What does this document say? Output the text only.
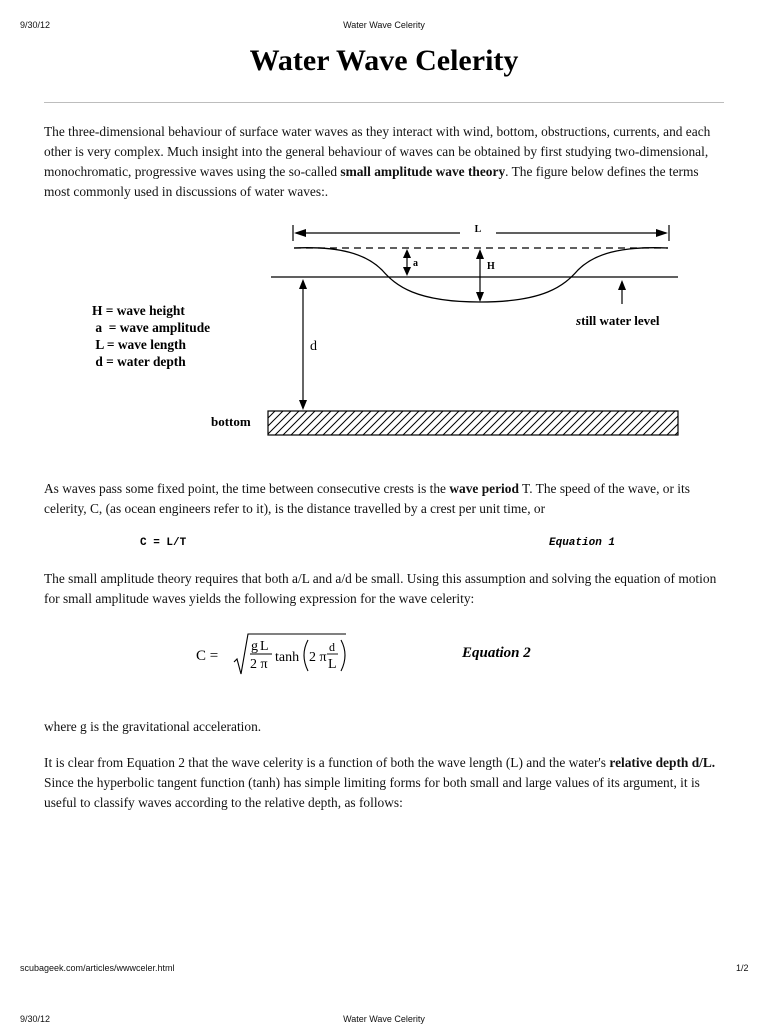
9/30/12	Water Wave Celerity
Water Wave Celerity

The three-dimensional behaviour of surface water waves as they interact with wind, bottom, obstructions, currents, and each other is very complex. Much insight into the general behaviour of waves can be obtained by first studying two-dimensional, monochromatic, progressive waves using the so-called small amplitude wave theory. The figure below defines the terms most commonly used in discussions of water waves:.

L
a	H
d
still water level
bottom
H = wave height
a  = wave amplitude
L = wave length
d = water depth

As waves pass some fixed point, the time between consecutive crests is the wave period T. The speed of the wave, or its celerity, C, (as ocean engineers refer to it), is the distance travelled by a crest per unit time, or

C = L/T	Equation 1

The small amplitude theory requires that both a/L and a/d be small. Using this assumption and solving the equation of motion for small amplitude waves yields the following expression for the wave celerity:

C =
g L
2 π tanh 2 π
d
L
Equation 2

where g is the gravitational acceleration.

It is clear from Equation 2 that the wave celerity is a function of both the wave length (L) and the water's relative depth d/L. Since the hyperbolic tangent function (tanh) has simple limiting forms for both small and large values of its argument, it is useful to classify waves according to the relative depth, as follows:

scubageek.com/articles/wwwceler.html	1/2
9/30/12	Water Wave Celerity
